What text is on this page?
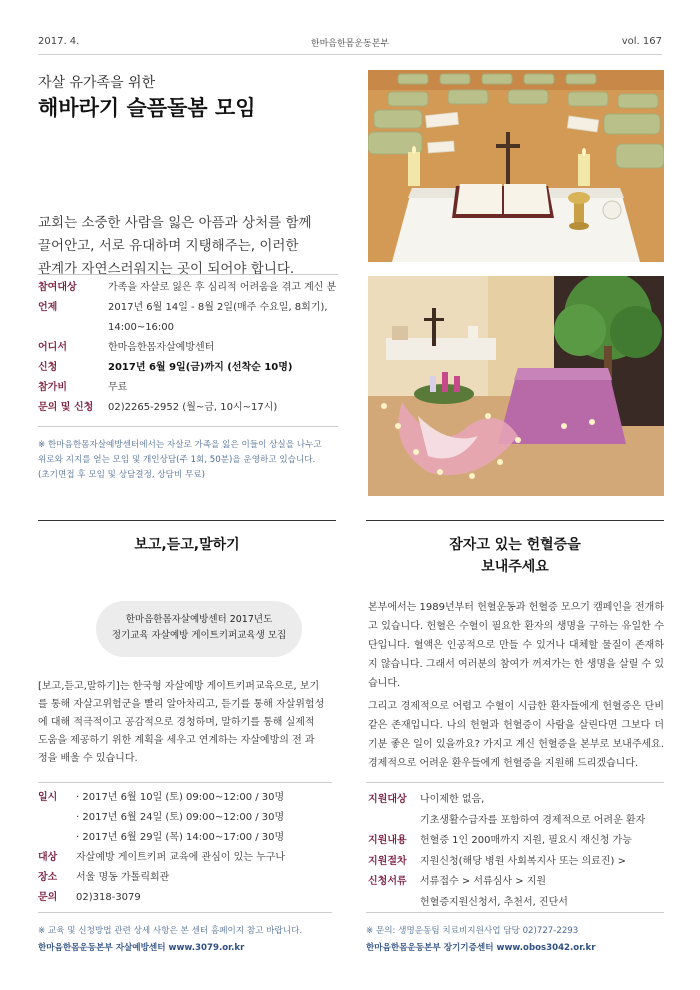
2017. 4.	한마음한몸운동본부	vol. 167
자살 유가족을 위한
해바라기 슬픔돌봄 모임

교회는 소중한 사람을 잃은 아픔과 상처를 함께

끌어안고, 서로 유대하며 지탱해주는, 이러한

관계가 자연스러워지는 곳이 되어야 합니다.

참여대상	가족을 자살로 잃은 후 심리적 어려움을 겪고 계신 분
언제	2017년 6월 14일 - 8월 2일(매주 수요일, 8회기),
14:00~16:00
어디서	한마음한몸자살예방센터
신청	2017년 6월 9일(금)까지 (선착순 10명)
참가비	무료
문의 및 신청	02)2265-2952 (월~금, 10시~17시)
※ 한마음한몸자살예방센터에서는 자살로 가족을 잃은 이들이 상실을 나누고
위로와 지지를 얻는 모임 및 개인상담(주 1회, 50분)을 운영하고 있습니다.
(초기면접 후 모임 및 상담결정, 상담비 무료)
보고,듣고,말하기
한마음한몸자살예방센터 2017년도
정기교육 자살예방 게이트키퍼교육생 모집
[보고,듣고,말하기]는 한국형 자살예방 게이트키퍼교육으로, 보기
를 통해 자살고위험군을 빨리 알아차리고, 듣기를 통해 자살위험성
에 대해 적극적이고 공감적으로 경청하며, 말하기를 통해 실제적
도움을 제공하기 위한 계획을 세우고 연계하는 자살예방의 전 과
정을 배울 수 있습니다.
일시	· 2017년 6월 10일 (토) 09:00~12:00 / 30명
· 2017년 6월 24일 (토) 09:00~12:00 / 30명
· 2017년 6월 29일 (목) 14:00~17:00 / 30명
대상	자살예방 게이트키퍼 교육에 관심이 있는 누구나
장소	서울 명동 가톨릭회관
문의	02)318-3079
※ 교육 및 신청방법 관련 상세 사항은 본 센터 홈페이지 참고 바랍니다.
한마음한몸운동본부 자살예방센터 www.3079.or.kr
잠자고 있는 헌혈증을
보내주세요

본부에서는 1989년부터 헌혈운동과 헌혈증 모으기 캠페인을 전개하고 있습니다. 헌혈은 수혈이 필요한 환자의 생명을 구하는 유일한 수단입니다. 혈액은 인공적으로 만들 수 있거나 대체할 물질이 존재하지 않습니다. 그래서 여러분의 참여가 꺼져가는 한 생명을 살릴 수 있습니다.

그리고 경제적으로 어렵고 수혈이 시급한 환자들에게 헌혈증은 단비 같은 존재입니다. 나의 헌혈과 헌혈증이 사람을 살린다면 그보다 더 기분 좋은 일이 있을까요? 가지고 계신 헌혈증을 본부로 보내주세요. 경제적으로 어려운 환우들에게 헌혈증을 지원해 드리겠습니다.

지원대상	나이제한 없음,
기초생활수급자를 포함하여 경제적으로 어려운 환자
지원내용	헌혈증 1인 200매까지 지원, 필요시 재신청 가능
지원절차	지원신청(해당 병원 사회복지사 또는 의료진) >
신청서류	서류접수 > 서류심사 > 지원
헌혈증지원신청서, 추천서, 진단서
※ 문의: 생명운동팀 치료비지원사업 담당 02)727-2293
한마음한몸운동본부 장기기증센터 www.obos3042.or.kr
